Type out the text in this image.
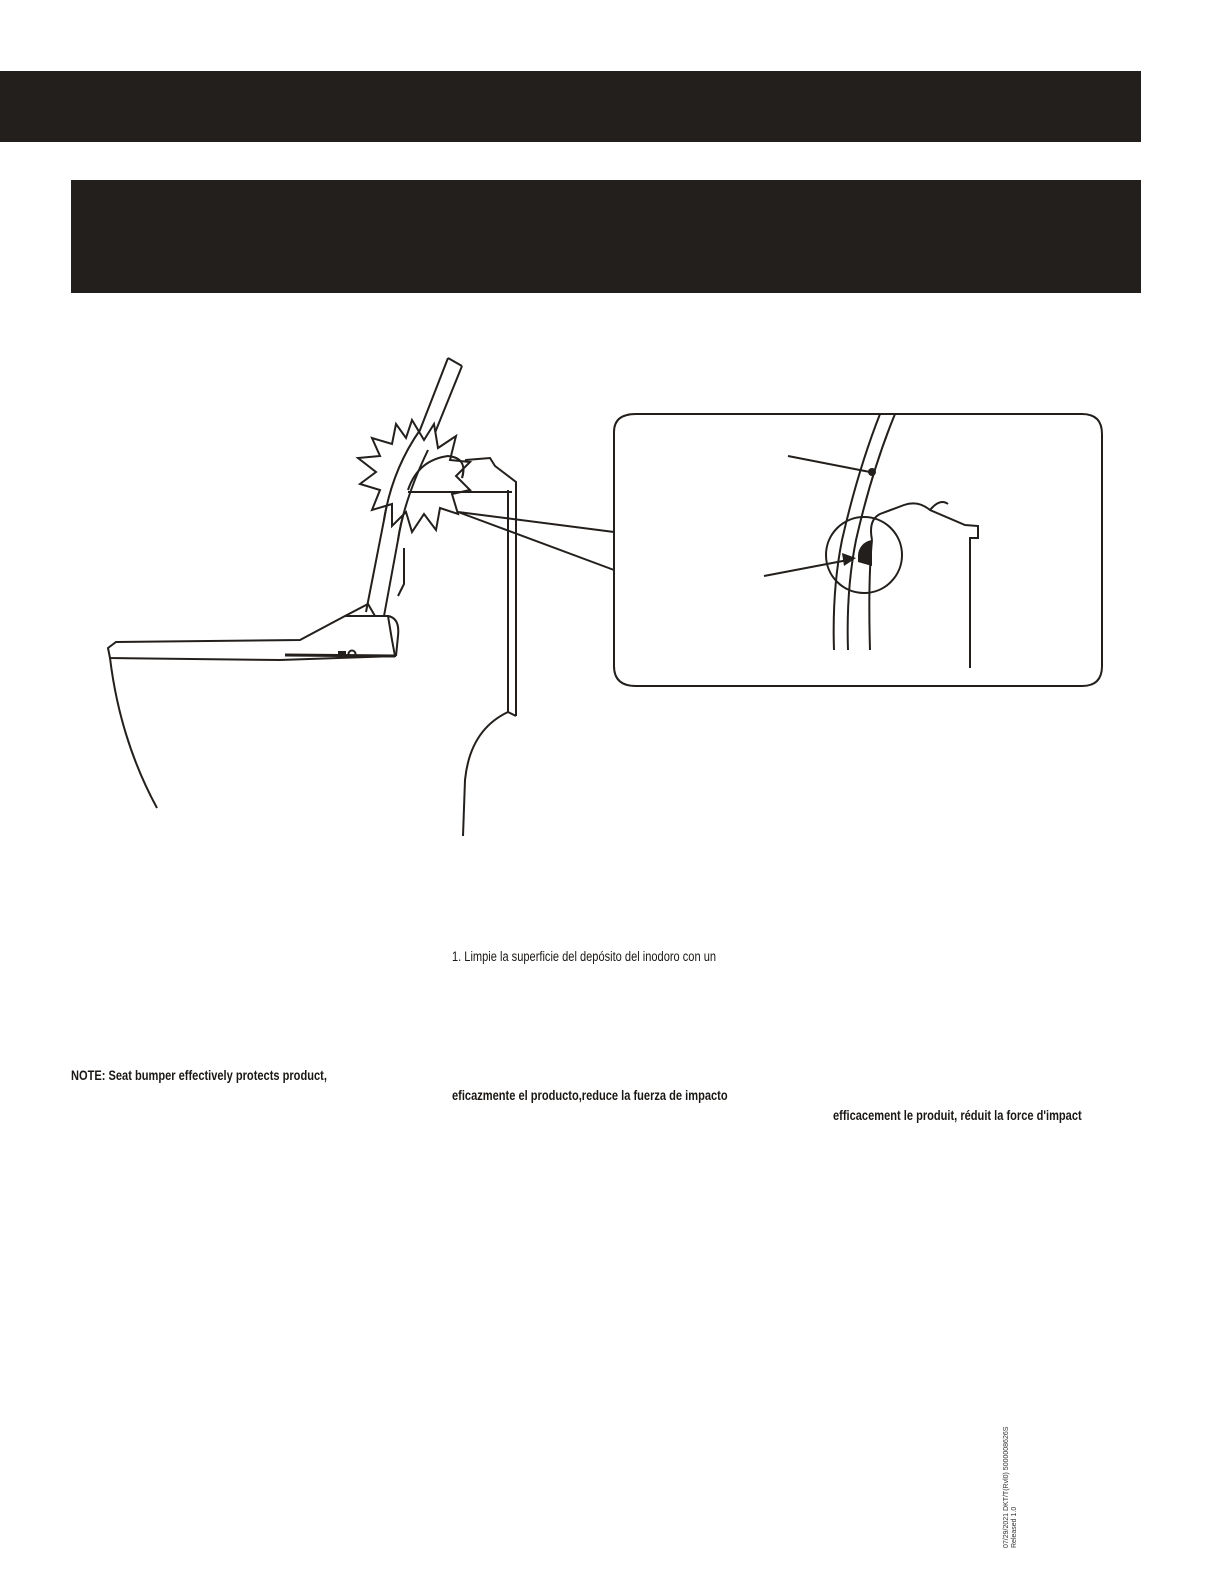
1. Limpie la superficie del depósito del inodoro con un
NOTE: Seat bumper effectively protects product,
eficazmente el producto,reduce la fuerza de impacto
efficacement le produit, réduit la force d'impact
07/29/2021 DKT/T(Rvl0) 5000008626S Released 1.0
